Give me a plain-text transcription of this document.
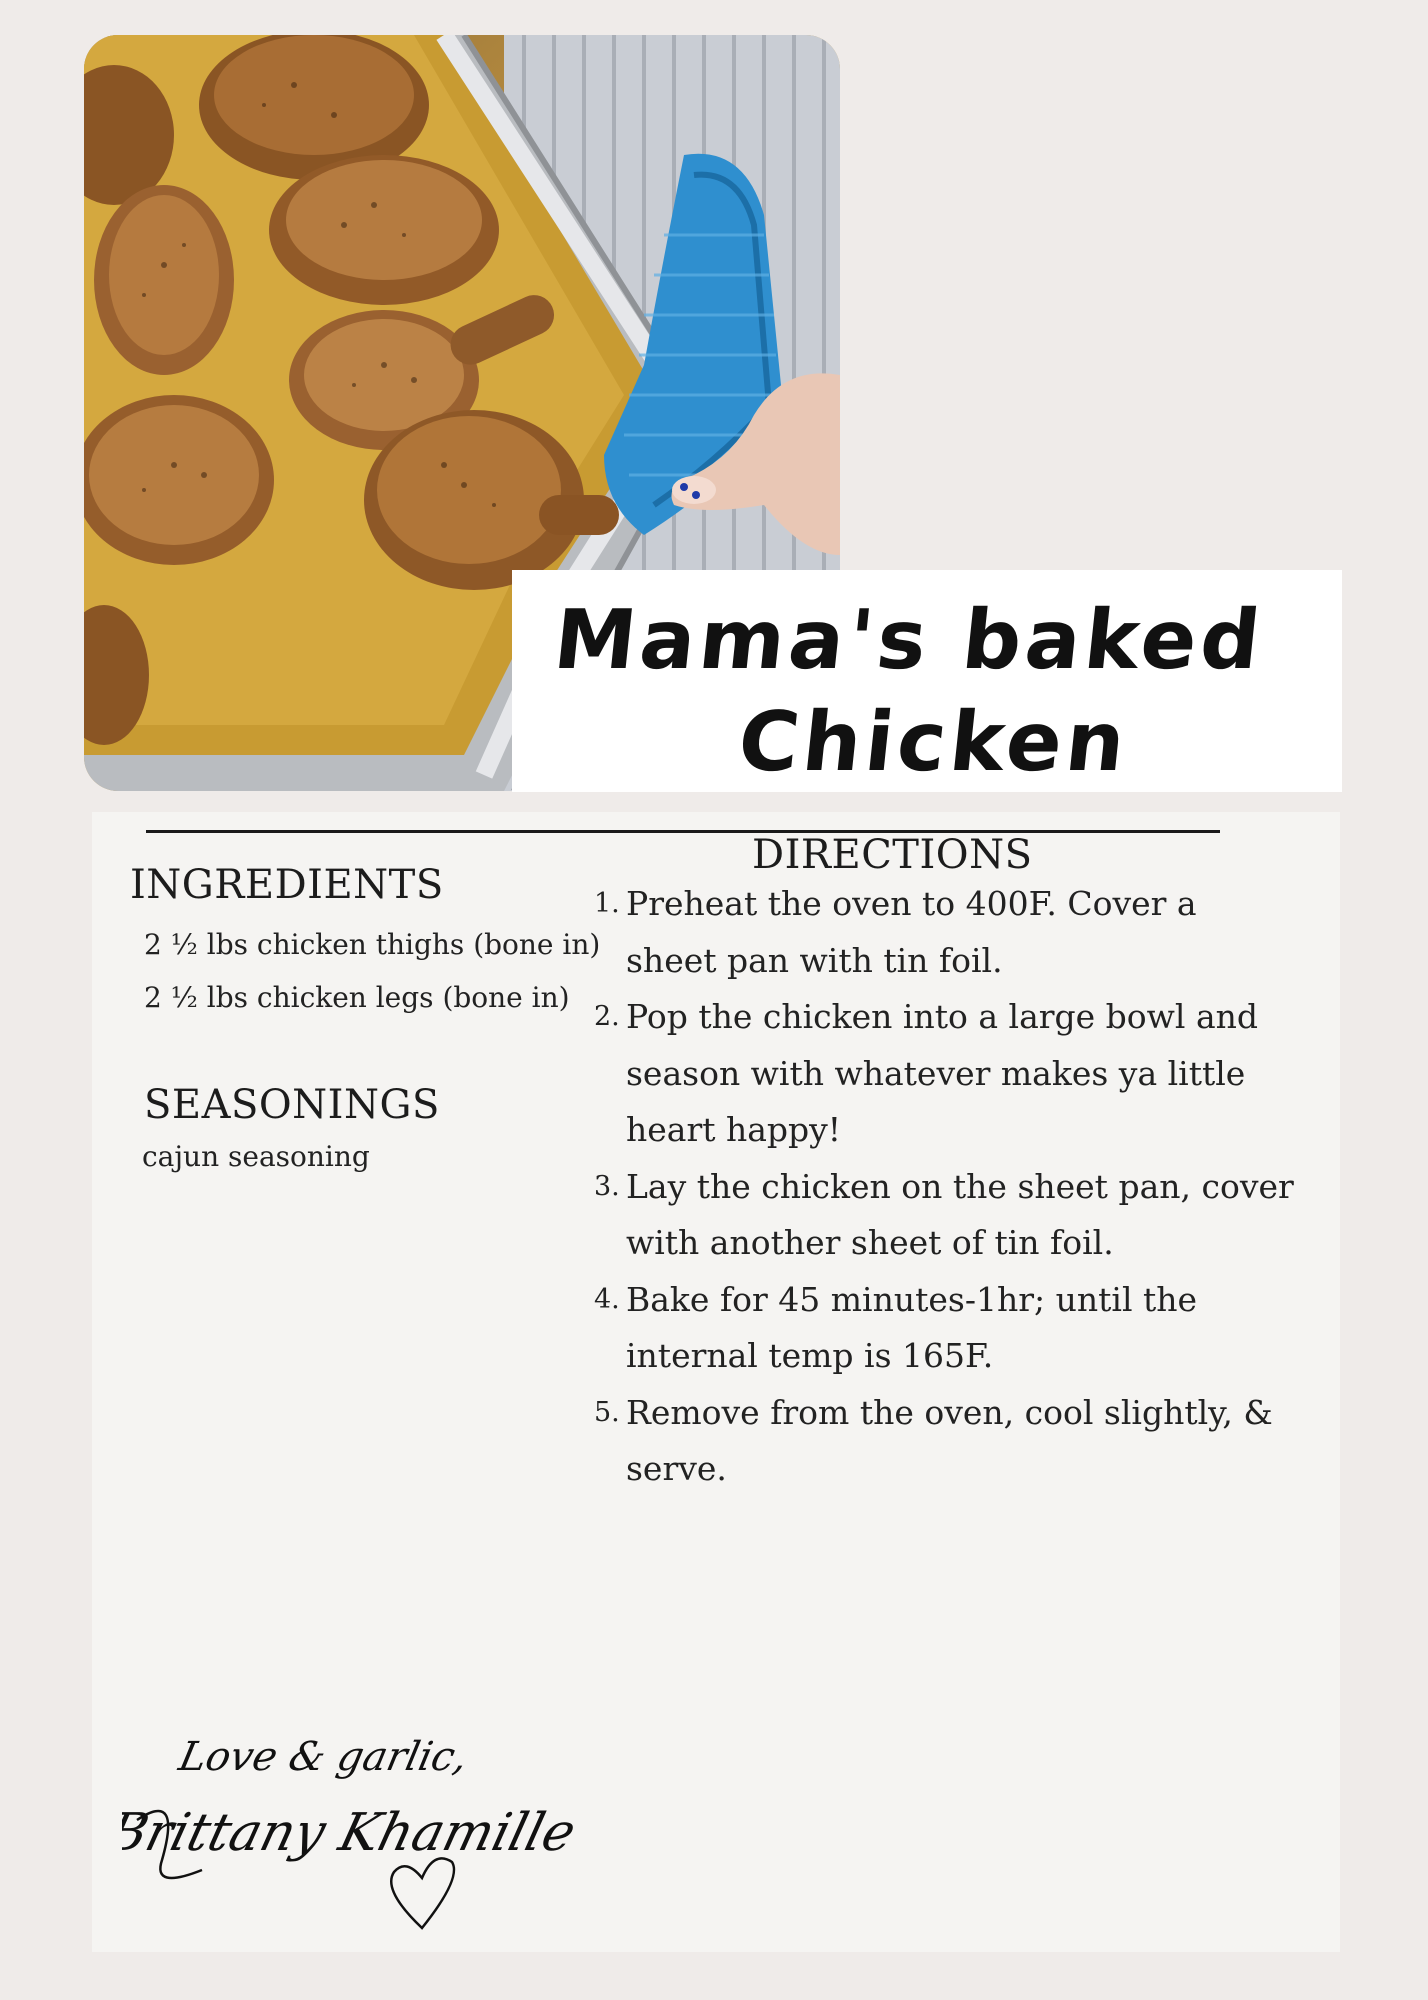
Mama's baked
Chicken
DIRECTIONS
INGREDIENTS
2 ½ lbs chicken thighs (bone in)
2 ½ lbs chicken legs (bone in)
SEASONINGS

cajun seasoning

1. Preheat the oven to 400F. Cover a sheet pan with tin foil.
2. Pop the chicken into a large bowl and season with whatever makes ya little heart happy!
3. Lay the chicken on the sheet pan, cover with another sheet of tin foil.
4. Bake for 45 minutes-1hr; until the internal temp is 165F.
5. Remove from the oven, cool slightly, & serve.
Love & garlic,
Brittany Khamille
